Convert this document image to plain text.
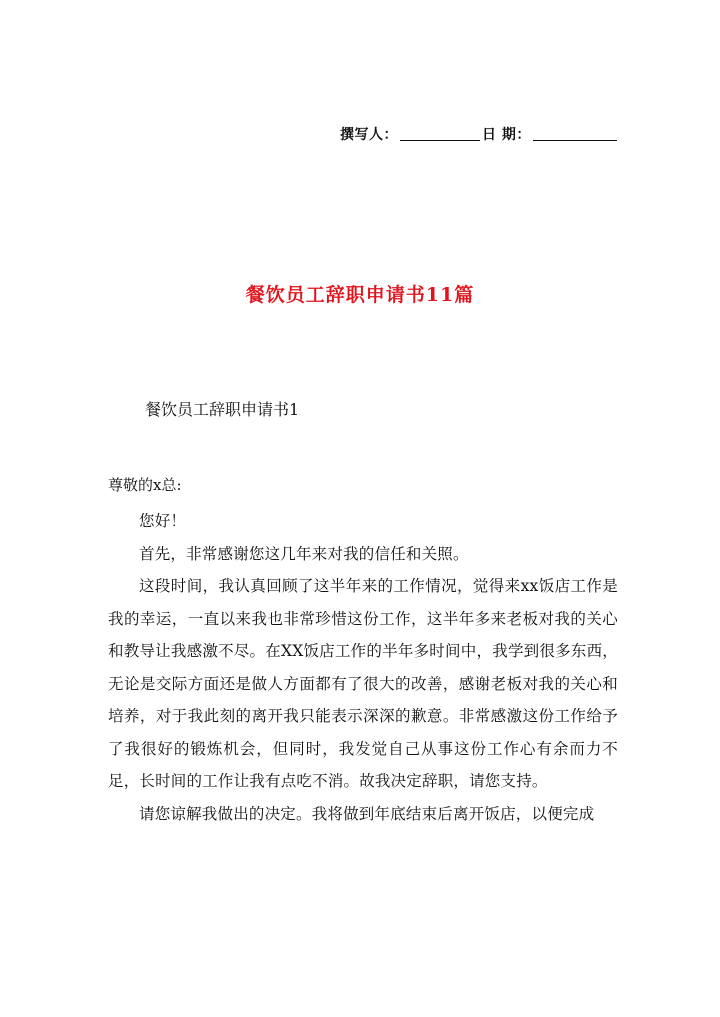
撰写人：	日 期：
餐饮员工辞职申请书11篇
餐饮员工辞职申请书1
尊敬的x总:

您好！

首先，非常感谢您这几年来对我的信任和关照。

这段时间，我认真回顾了这半年来的工作情况，觉得来xx饭店工作是我的幸运，一直以来我也非常珍惜这份工作，这半年多来老板对我的关心和教导让我感激不尽。在XX饭店工作的半年多时间中，我学到很多东西，无论是交际方面还是做人方面都有了很大的改善，感谢老板对我的关心和培养，对于我此刻的离开我只能表示深深的歉意。非常感激这份工作给予了我很好的锻炼机会，但同时，我发觉自己从事这份工作心有余而力不足，长时间的工作让我有点吃不消。故我决定辞职，请您支持。

请您谅解我做出的决定。我将做到年底结束后离开饭店，以便完成
